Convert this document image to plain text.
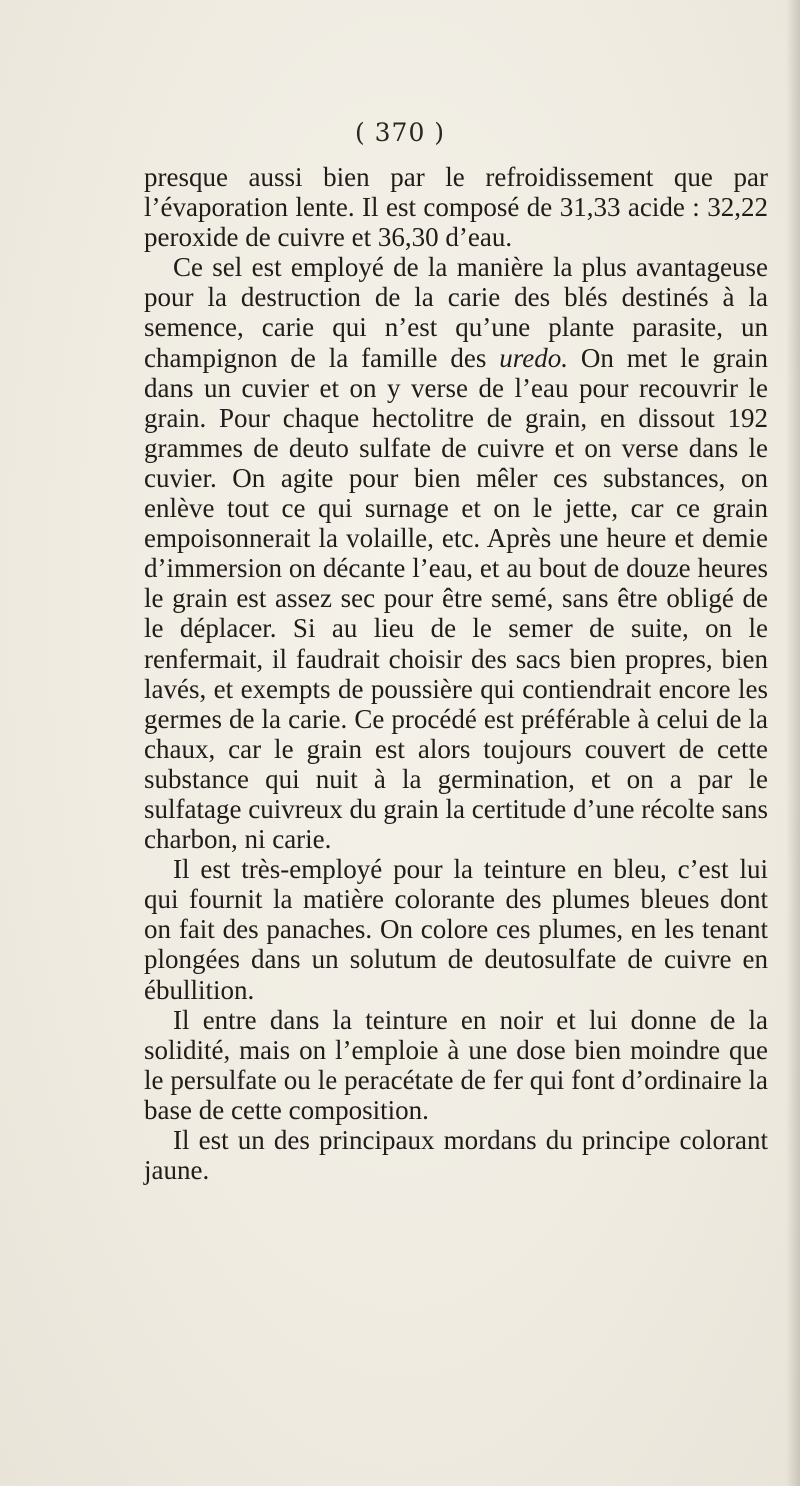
( 370 )

presque aussi bien par le refroidissement que par l’évaporation lente. Il est composé de 31,33 acide : 32,22 peroxide de cuivre et 36,30 d’eau.

Ce sel est employé de la manière la plus avantageuse pour la destruction de la carie des blés destinés à la semence, carie qui n’est qu’une plante parasite, un champignon de la famille des uredo. On met le grain dans un cuvier et on y verse de l’eau pour recouvrir le grain. Pour chaque hectolitre de grain, en dissout 192 grammes de deuto sulfate de cuivre et on verse dans le cuvier. On agite pour bien mêler ces substances, on enlève tout ce qui surnage et on le jette, car ce grain empoisonnerait la volaille, etc. Après une heure et demie d’immersion on décante l’eau, et au bout de douze heures le grain est assez sec pour être semé, sans être obligé de le déplacer. Si au lieu de le semer de suite, on le renfermait, il faudrait choisir des sacs bien propres, bien lavés, et exempts de poussière qui contiendrait encore les germes de la carie. Ce procédé est préférable à celui de la chaux, car le grain est alors toujours couvert de cette substance qui nuit à la germination, et on a par le sulfatage cuivreux du grain la certitude d’une récolte sans charbon, ni carie.

Il est très-employé pour la teinture en bleu, c’est lui qui fournit la matière colorante des plumes bleues dont on fait des panaches. On colore ces plumes, en les tenant plongées dans un solutum de deutosulfate de cuivre en ébullition.

Il entre dans la teinture en noir et lui donne de la solidité, mais on l’emploie à une dose bien moindre que le persulfate ou le peracétate de fer qui font d’ordinaire la base de cette composition.

Il est un des principaux mordans du principe colorant jaune.
